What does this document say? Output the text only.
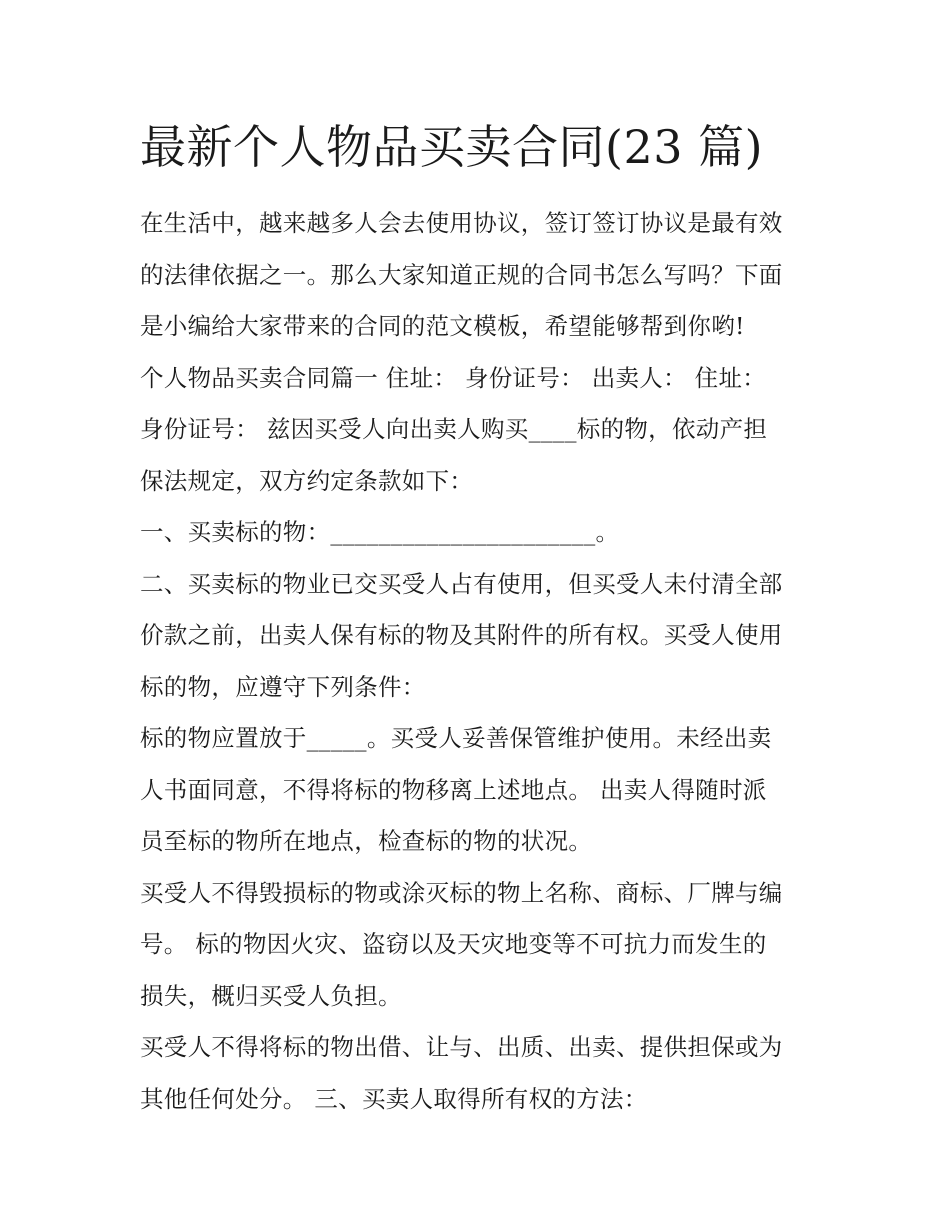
最新个人物品买卖合同(23 篇)
在生活中，越来越多人会去使用协议，签订签订协议是最有效
的法律依据之一。那么大家知道正规的合同书怎么写吗？下面
是小编给大家带来的合同的范文模板，希望能够帮到你哟!
个人物品买卖合同篇一 住址： 身份证号： 出卖人： 住址：
身份证号： 兹因买受人向出卖人购买____标的物，依动产担
保法规定，双方约定条款如下：
一、买卖标的物：______________________。
二、买卖标的物业已交买受人占有使用，但买受人未付清全部
价款之前，出卖人保有标的物及其附件的所有权。买受人使用
标的物，应遵守下列条件：
标的物应置放于_____。买受人妥善保管维护使用。未经出卖
人书面同意，不得将标的物移离上述地点。 出卖人得随时派
员至标的物所在地点，检查标的物的状况。
买受人不得毁损标的物或涂灭标的物上名称、商标、厂牌与编
号。 标的物因火灾、盗窃以及天灾地变等不可抗力而发生的
损失，概归买受人负担。
买受人不得将标的物出借、让与、出质、出卖、提供担保或为
其他任何处分。 三、买卖人取得所有权的方法：
